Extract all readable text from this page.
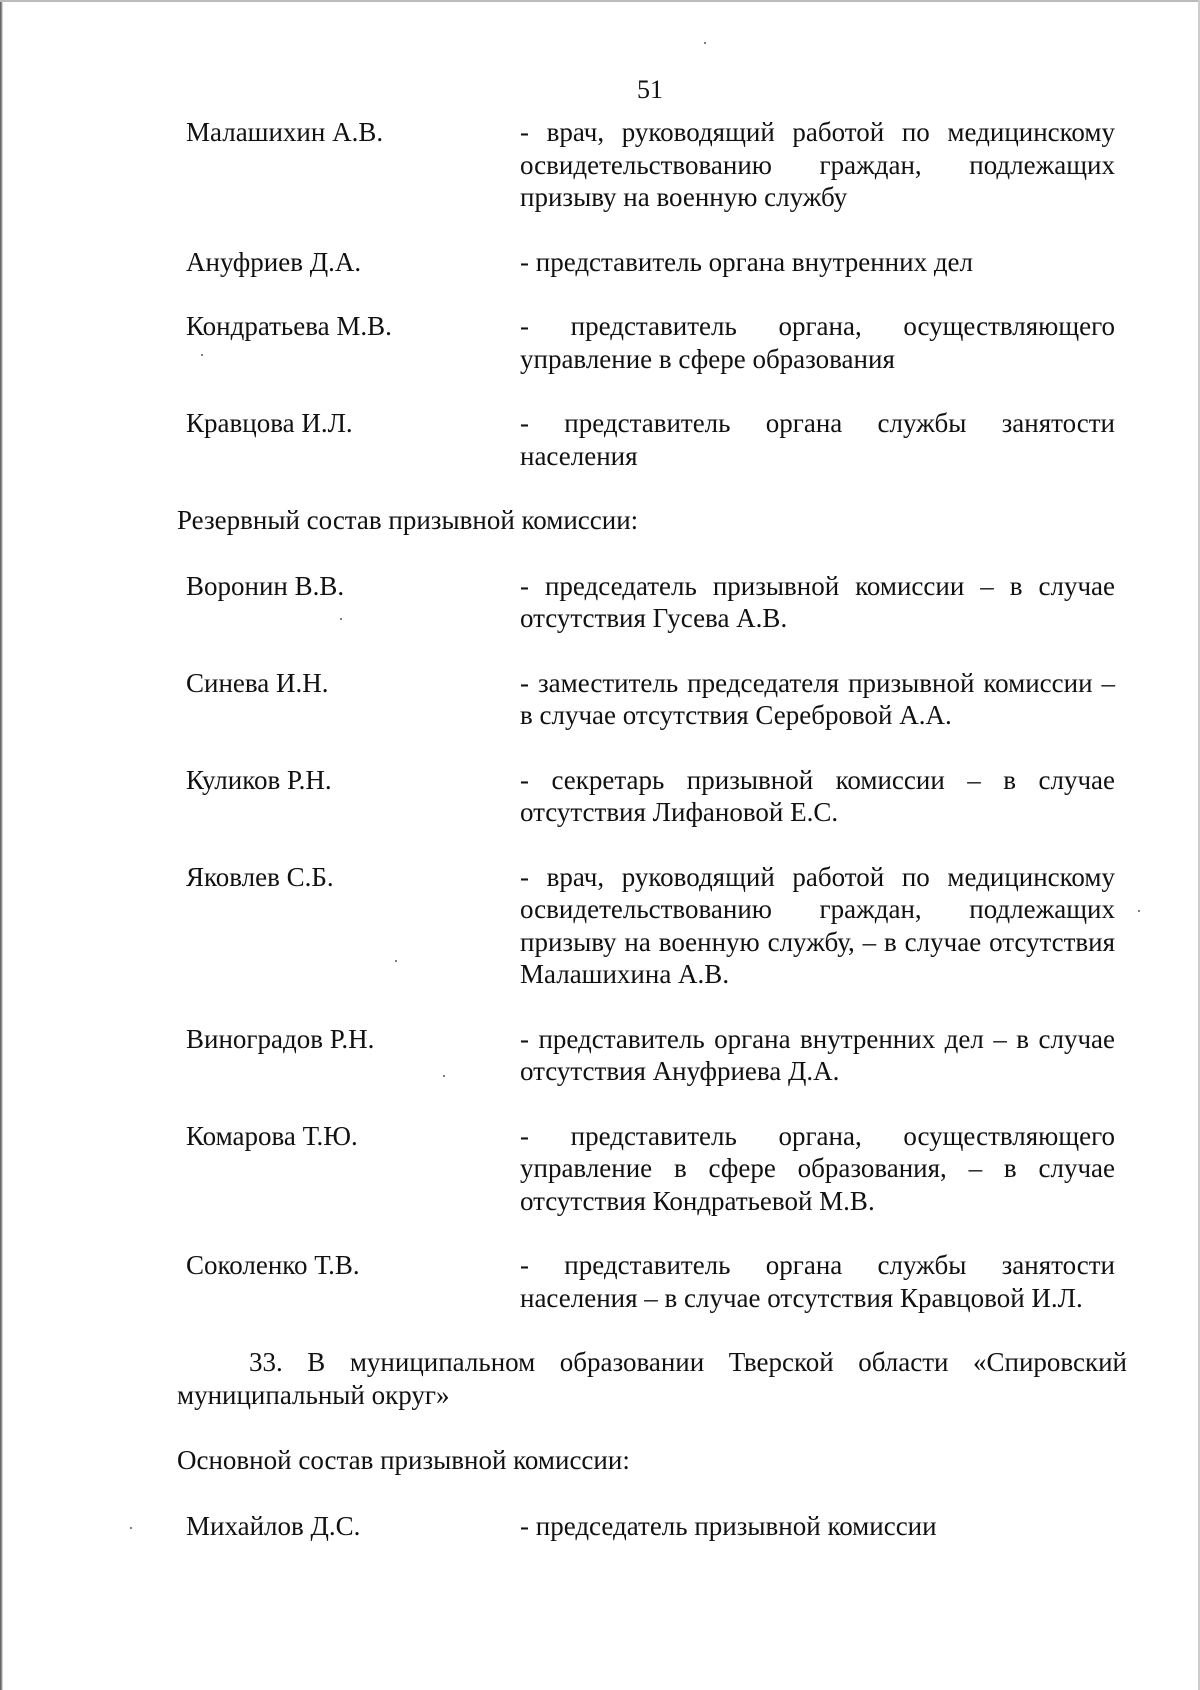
51
Малашихин А.В.	- врач, руководящий работой по медицинскому освидетельствованию граждан, подлежащих призыву на военную службу
Ануфриев Д.А.	- представитель органа внутренних дел
Кондратьева М.В.	- представитель органа, осуществляющего управление в сфере образования
Кравцова И.Л.	- представитель органа службы занятости населения
Резервный состав призывной комиссии:
Воронин В.В.	- председатель призывной комиссии – в случае отсутствия Гусева А.В.
Синева И.Н.	- заместитель председателя призывной комиссии – в случае отсутствия Серебровой А.А.
Куликов Р.Н.	- секретарь призывной комиссии – в случае отсутствия Лифановой Е.С.
Яковлев С.Б.	- врач, руководящий работой по медицинскому освидетельствованию граждан, подлежащих призыву на военную службу, – в случае отсутствия Малашихина А.В.
Виноградов Р.Н.	- представитель органа внутренних дел – в случае отсутствия Ануфриева Д.А.
Комарова Т.Ю.	- представитель органа, осуществляющего управление в сфере образования, – в случае отсутствия Кондратьевой М.В.
Соколенко Т.В.	- представитель органа службы занятости населения – в случае отсутствия Кравцовой И.Л.
33. В муниципальном образовании Тверской области «Спировский муниципальный округ»
Основной состав призывной комиссии:
Михайлов Д.С.	- председатель призывной комиссии
